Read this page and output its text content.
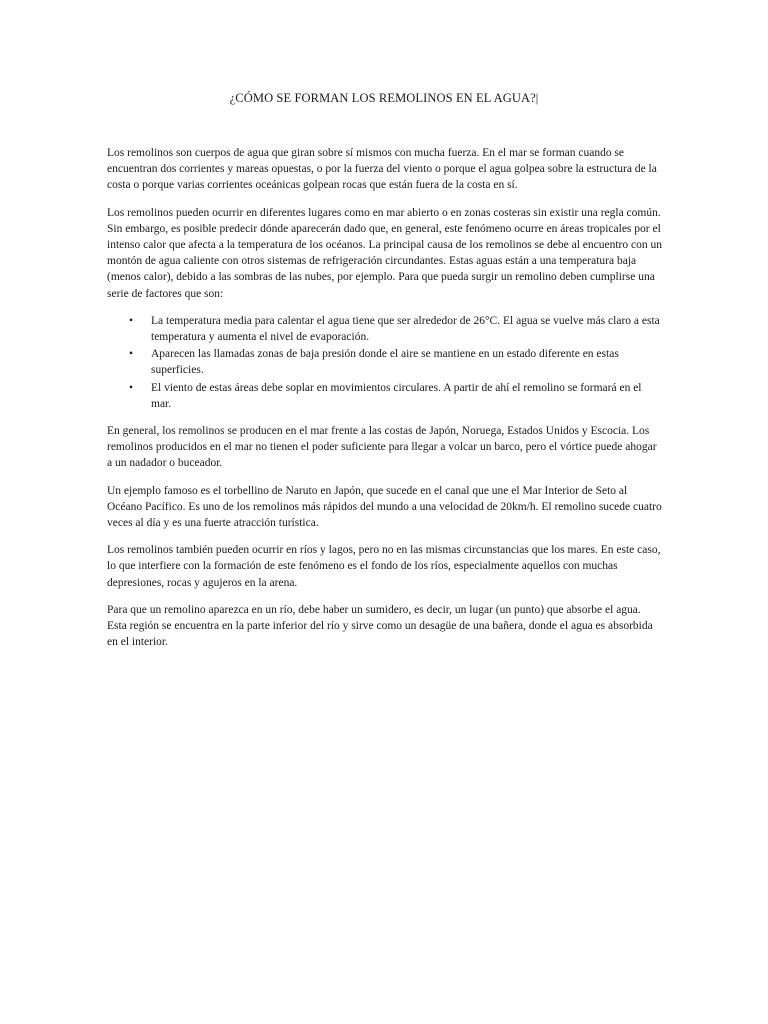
¿CÓMO SE FORMAN LOS REMOLINOS EN EL AGUA?|

Los remolinos son cuerpos de agua que giran sobre sí mismos con mucha fuerza. En el mar se forman cuando se encuentran dos corrientes y mareas opuestas, o por la fuerza del viento o porque el agua golpea sobre la estructura de la costa o porque varias corrientes oceánicas golpean rocas que están fuera de la costa en sí.

Los remolinos pueden ocurrir en diferentes lugares como en mar abierto o en zonas costeras sin existir una regla común. Sin embargo, es posible predecir dónde aparecerán dado que, en general, este fenómeno ocurre en áreas tropicales por el intenso calor que afecta a la temperatura de los océanos. La principal causa de los remolinos se debe al encuentro con un montón de agua caliente con otros sistemas de refrigeración circundantes. Estas aguas están a una temperatura baja (menos calor), debido a las sombras de las nubes, por ejemplo. Para que pueda surgir un remolino deben cumplirse una serie de factores que son:

• La temperatura media para calentar el agua tiene que ser alrededor de 26°C. El agua se vuelve más claro a esta temperatura y aumenta el nivel de evaporación.
• Aparecen las llamadas zonas de baja presión donde el aire se mantiene en un estado diferente en estas superficies.
• El viento de estas áreas debe soplar en movimientos circulares. A partir de ahí el remolino se formará en el mar.

En general, los remolinos se producen en el mar frente a las costas de Japón, Noruega, Estados Unidos y Escocia. Los remolinos producidos en el mar no tienen el poder suficiente para llegar a volcar un barco, pero el vórtice puede ahogar a un nadador o buceador.

Un ejemplo famoso es el torbellino de Naruto en Japón, que sucede en el canal que une el Mar Interior de Seto al Océano Pacífico. Es uno de los remolinos más rápidos del mundo a una velocidad de 20km/h. El remolino sucede cuatro veces al día y es una fuerte atracción turística.

Los remolinos también pueden ocurrir en ríos y lagos, pero no en las mismas circunstancias que los mares. En este caso, lo que interfiere con la formación de este fenómeno es el fondo de los ríos, especialmente aquellos con muchas depresiones, rocas y agujeros en la arena.

Para que un remolino aparezca en un río, debe haber un sumidero, es decir, un lugar (un punto) que absorbe el agua. Esta región se encuentra en la parte inferior del río y sirve como un desagüe de una bañera, donde el agua es absorbida en el interior.
